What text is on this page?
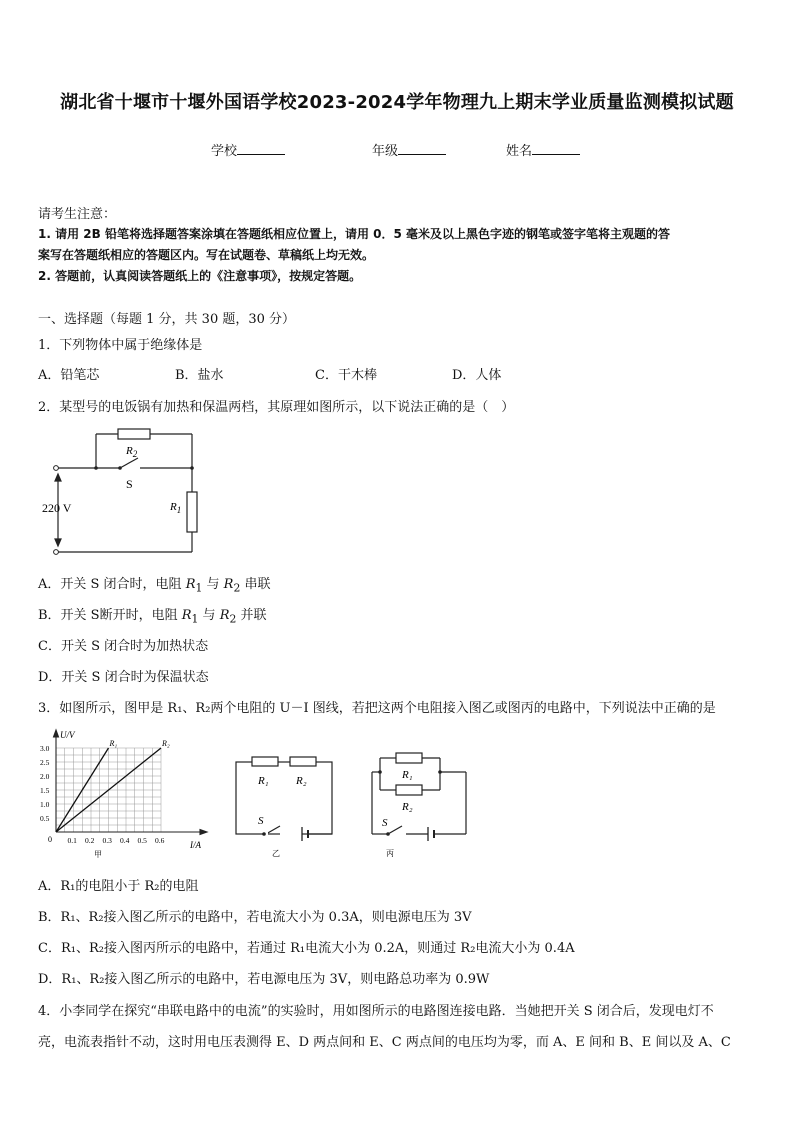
湖北省十堰市十堰外国语学校2023-2024学年物理九上期末学业质量监测模拟试题
学校	年级	姓名
请考生注意：
1. 请用 2B 铅笔将选择题答案涂填在答题纸相应位置上，请用 0．5 毫米及以上黑色字迹的钢笔或签字笔将主观题的答
案写在答题纸相应的答题区内。写在试题卷、草稿纸上均无效。
2. 答题前，认真阅读答题纸上的《注意事项》，按规定答题。
一、选择题（每题 1 分，共 30 题，30 分）
1．下列物体中属于绝缘体是
A．铅笔芯	B．盐水	C．干木棒	D．人体
2．某型号的电饭锅有加热和保温两档，其原理如图所示，以下说法正确的是（　）
220 V
$R_2$
S
$R_1$
A．开关 S 闭合时，电阻 $R_1$ 与 $R_2$ 串联
B．开关 S断开时，电阻 $R_1$ 与 $R_2$ 并联
C．开关 S 闭合时为加热状态
D．开关 S 闭合时为保温状态
3．如图所示，图甲是 R₁、R₂两个电阻的 U－I 图线，若把这两个电阻接入图乙或图丙的电路中，下列说法中正确的是
0.5
1.0
1.5
2.0
2.5
3.0
0.1 0.2 0.3 0.4 0.5 0.6
R₁	R₂
U/V
I/A
0
甲
R₁ R₂
S
乙
R₁
R₂
S
丙
A．R₁的电阻小于 R₂的电阻
B．R₁、R₂接入图乙所示的电路中，若电流大小为 0.3A，则电源电压为 3V
C．R₁、R₂接入图丙所示的电路中，若通过 R₁电流大小为 0.2A，则通过 R₂电流大小为 0.4A
D．R₁、R₂接入图乙所示的电路中，若电源电压为 3V，则电路总功率为 0.9W
4．小李同学在探究“串联电路中的电流”的实验时，用如图所示的电路图连接电路．当她把开关 S 闭合后，发现电灯不
亮，电流表指针不动，这时用电压表测得 E、D 两点间和 E、C 两点间的电压均为零，而 A、E 间和 B、E 间以及 A、C
